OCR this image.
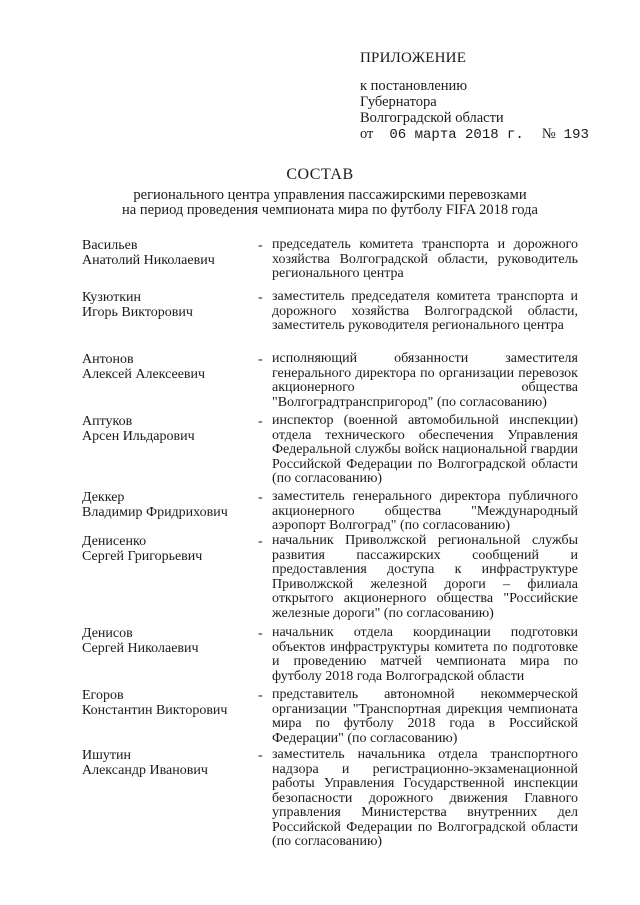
ПРИЛОЖЕНИЕ
к постановлению
Губернатора
Волгоградской области
от 06 марта 2018 г. № 193
СОСТАВ
регионального центра управления пассажирскими перевозками
на период проведения чемпионата мира по футболу FIFA 2018 года
Васильев
Анатолий Николаевич
- председатель комитета транспорта и дорожного хозяйства Волгоградской области, руководитель регионального центра
Кузюткин
Игорь Викторович
- заместитель председателя комитета транспорта и дорожного хозяйства Волгоградской области, заместитель руководителя регионального центра
Антонов
Алексей Алексеевич
- исполняющий обязанности заместителя генерального директора по организации перевозок акционерного общества "Волгоградтранспригород" (по согласованию)
Аптуков
Арсен Ильдарович
- инспектор (военной автомобильной инспекции) отдела технического обеспечения Управления Федеральной службы войск национальной гвардии Российской Федерации по Волгоградской области (по согласованию)
Деккер
Владимир Фридрихович
- заместитель генерального директора публичного акционерного общества "Международный аэропорт Волгоград" (по согласованию)
Денисенко
Сергей Григорьевич
- начальник Приволжской региональной службы развития пассажирских сообщений и предоставления доступа к инфраструктуре Приволжской железной дороги – филиала открытого акционерного общества "Российские железные дороги" (по согласованию)
Денисов
Сергей Николаевич
- начальник отдела координации подготовки объектов инфраструктуры комитета по подготовке и проведению матчей чемпионата мира по футболу 2018 года Волгоградской области
Егоров
Константин Викторович
- представитель автономной некоммерческой организации "Транспортная дирекция чемпионата мира по футболу 2018 года в Российской Федерации" (по согласованию)
Ишутин
Александр Иванович
- заместитель начальника отдела транспортного надзора и регистрационно-экзаменационной работы Управления Государственной инспекции безопасности дорожного движения Главного управления Министерства внутренних дел Российской Федерации по Волгоградской области (по согласованию)
